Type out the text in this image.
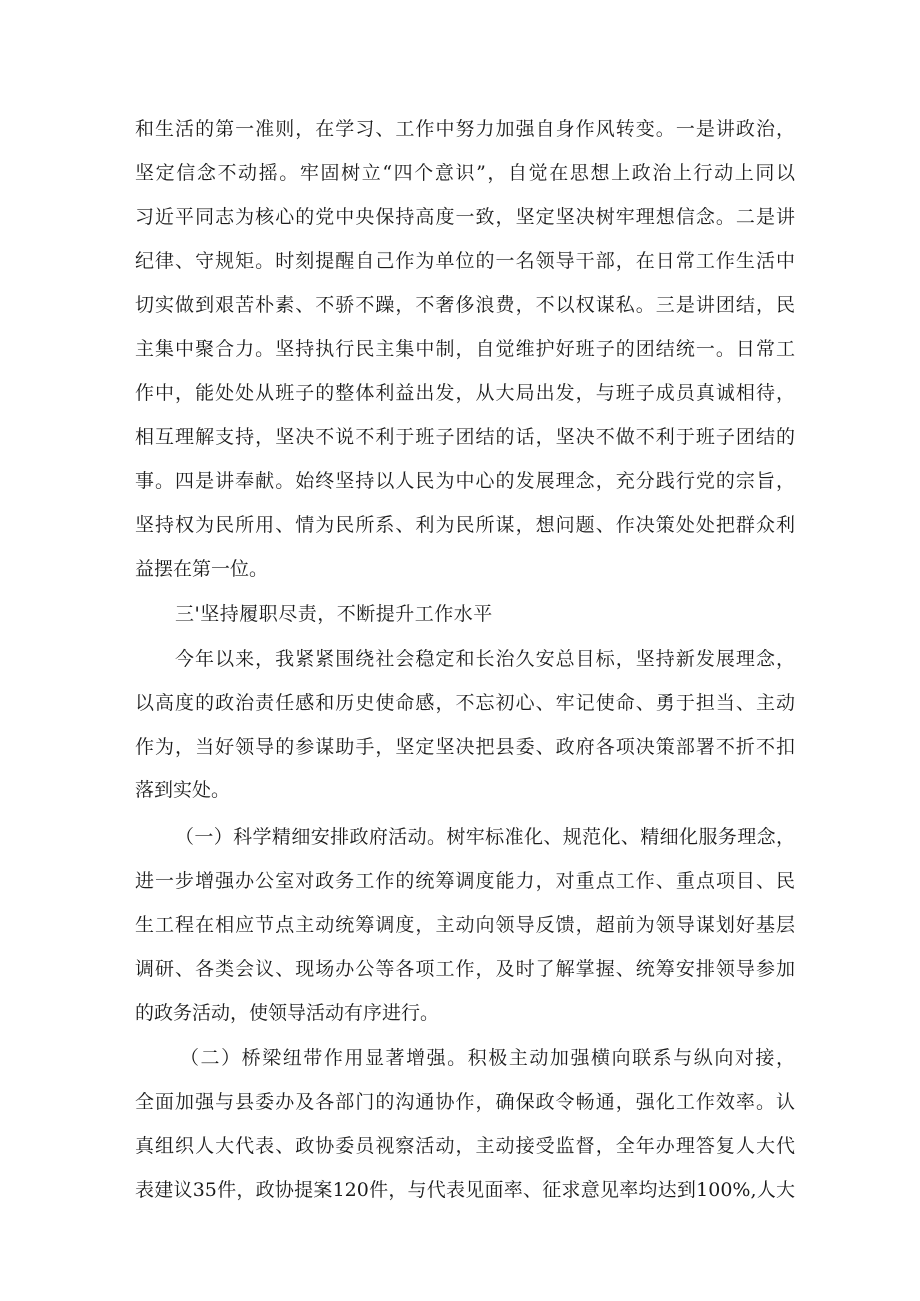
和生活的第一准则，在学习、工作中努力加强自身作风转变。一是讲政治，
坚定信念不动摇。牢固树立“四个意识”，自觉在思想上政治上行动上同以
习近平同志为核心的党中央保持高度一致，坚定坚决树牢理想信念。二是讲
纪律、守规矩。时刻提醒自己作为单位的一名领导干部，在日常工作生活中
切实做到艰苦朴素、不骄不躁，不奢侈浪费，不以权谋私。三是讲团结，民
主集中聚合力。坚持执行民主集中制，自觉维护好班子的团结统一。日常工
作中，能处处从班子的整体利益出发，从大局出发，与班子成员真诚相待，
相互理解支持，坚决不说不利于班子团结的话，坚决不做不利于班子团结的
事。四是讲奉献。始终坚持以人民为中心的发展理念，充分践行党的宗旨，
坚持权为民所用、情为民所系、利为民所谋，想问题、作决策处处把群众利
益摆在第一位。
三'坚持履职尽责，不断提升工作水平
今年以来，我紧紧围绕社会稳定和长治久安总目标，坚持新发展理念，
以高度的政治责任感和历史使命感，不忘初心、牢记使命、勇于担当、主动
作为，当好领导的参谋助手，坚定坚决把县委、政府各项决策部署不折不扣
落到实处。
（一）科学精细安排政府活动。树牢标准化、规范化、精细化服务理念，
进一步增强办公室对政务工作的统筹调度能力，对重点工作、重点项目、民
生工程在相应节点主动统筹调度，主动向领导反馈，超前为领导谋划好基层
调研、各类会议、现场办公等各项工作，及时了解掌握、统筹安排领导参加
的政务活动，使领导活动有序进行。
（二）桥梁纽带作用显著增强。积极主动加强横向联系与纵向对接，
全面加强与县委办及各部门的沟通协作，确保政令畅通，强化工作效率。认
真组织人大代表、政协委员视察活动，主动接受监督，全年办理答复人大代
表建议35件，政协提案120件，与代表见面率、征求意见率均达到100%,人大
